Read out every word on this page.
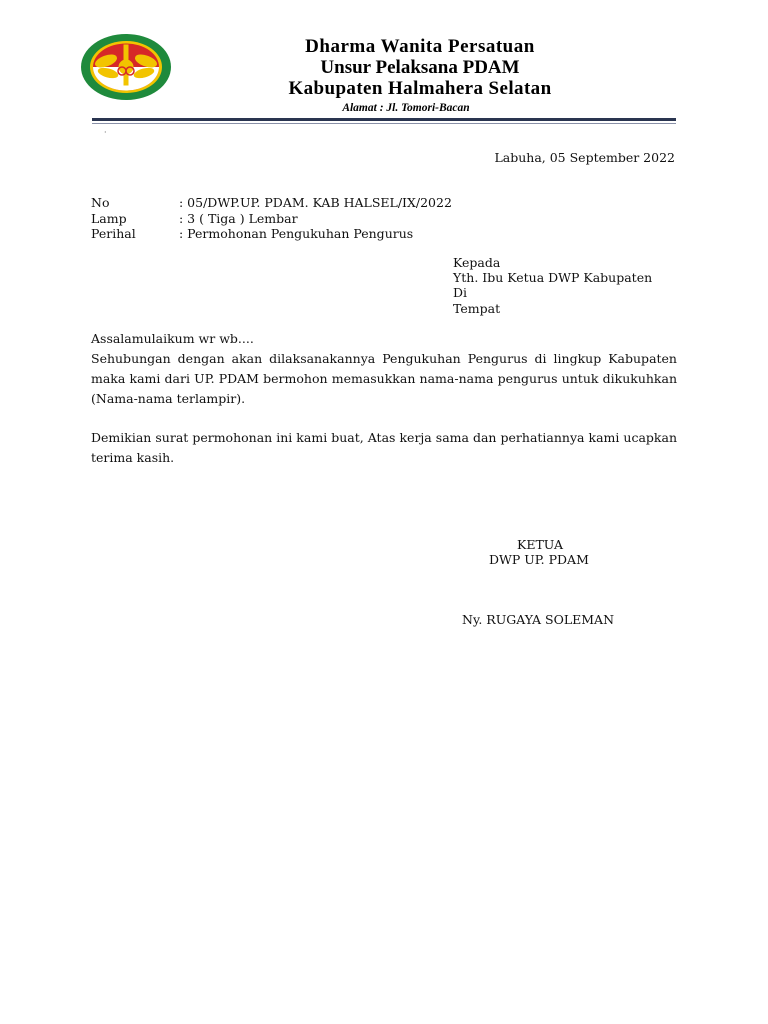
Dharma Wanita Persatuan
Unsur Pelaksana PDAM
Kabupaten Halmahera Selatan
Alamat : Jl. Tomori-Bacan
·
Labuha, 05 September 2022
No	: 05/DWP.UP. PDAM. KAB HALSEL/IX/2022
Lamp	: 3 ( Tiga ) Lembar
Perihal	: Permohonan Pengukuhan Pengurus
Kepada
Yth. Ibu Ketua DWP Kabupaten
Di
Tempat
Assalamulaikum wr wb....
Sehubungan dengan akan dilaksanakannya Pengukuhan Pengurus di lingkup Kabupaten maka kami dari UP. PDAM bermohon memasukkan nama-nama pengurus untuk dikukuhkan (Nama-nama terlampir).
Demikian surat permohonan ini kami buat, Atas kerja sama dan perhatiannya kami ucapkan terima kasih.
KETUA
DWP UP. PDAM
Ny. RUGAYA SOLEMAN
